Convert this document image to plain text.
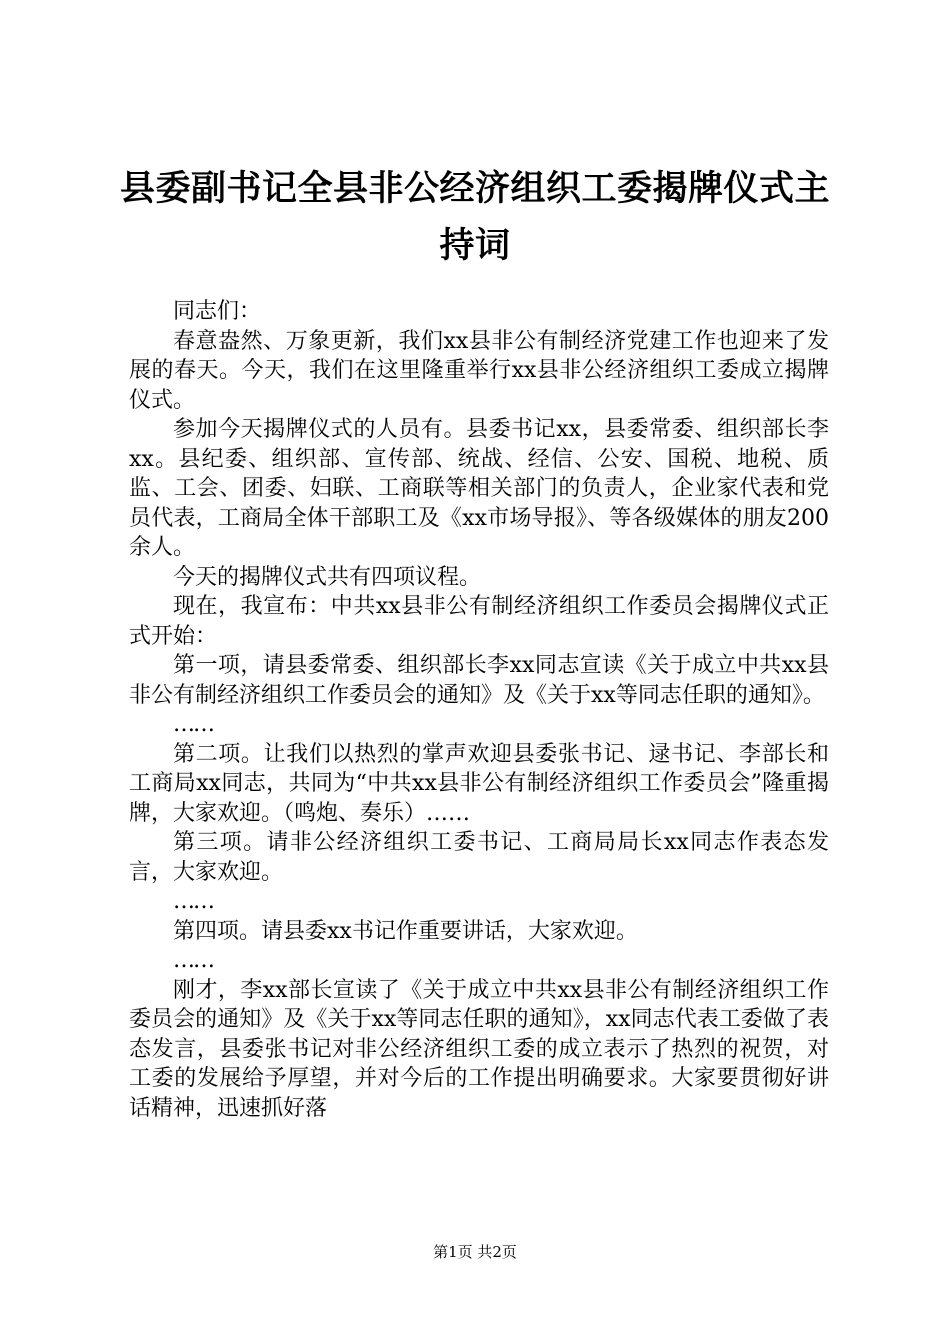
县委副书记全县非公经济组织工委揭牌仪式主持词

同志们：

春意盎然、万象更新，我们xx县非公有制经济党建工作也迎来了发展的春天。今天，我们在这里隆重举行xx县非公经济组织工委成立揭牌仪式。

参加今天揭牌仪式的人员有。县委书记xx，县委常委、组织部长李xx。县纪委、组织部、宣传部、统战、经信、公安、国税、地税、质监、工会、团委、妇联、工商联等相关部门的负责人，企业家代表和党员代表，工商局全体干部职工及《xx市场导报》、等各级媒体的朋友200余人。

今天的揭牌仪式共有四项议程。

现在，我宣布：中共xx县非公有制经济组织工作委员会揭牌仪式正式开始：

第一项，请县委常委、组织部长李xx同志宣读《关于成立中共xx县非公有制经济组织工作委员会的通知》及《关于xx等同志任职的通知》。

……

第二项。让我们以热烈的掌声欢迎县委张书记、逯书记、李部长和工商局xx同志，共同为“中共xx县非公有制经济组织工作委员会”隆重揭牌，大家欢迎。（鸣炮、奏乐）……

第三项。请非公经济组织工委书记、工商局局长xx同志作表态发言，大家欢迎。

……

第四项。请县委xx书记作重要讲话，大家欢迎。

……

刚才，李xx部长宣读了《关于成立中共xx县非公有制经济组织工作委员会的通知》及《关于xx等同志任职的通知》，xx同志代表工委做了表态发言，县委张书记对非公经济组织工委的成立表示了热烈的祝贺，对工委的发展给予厚望，并对今后的工作提出明确要求。大家要贯彻好讲话精神，迅速抓好落

第1页 共2页
